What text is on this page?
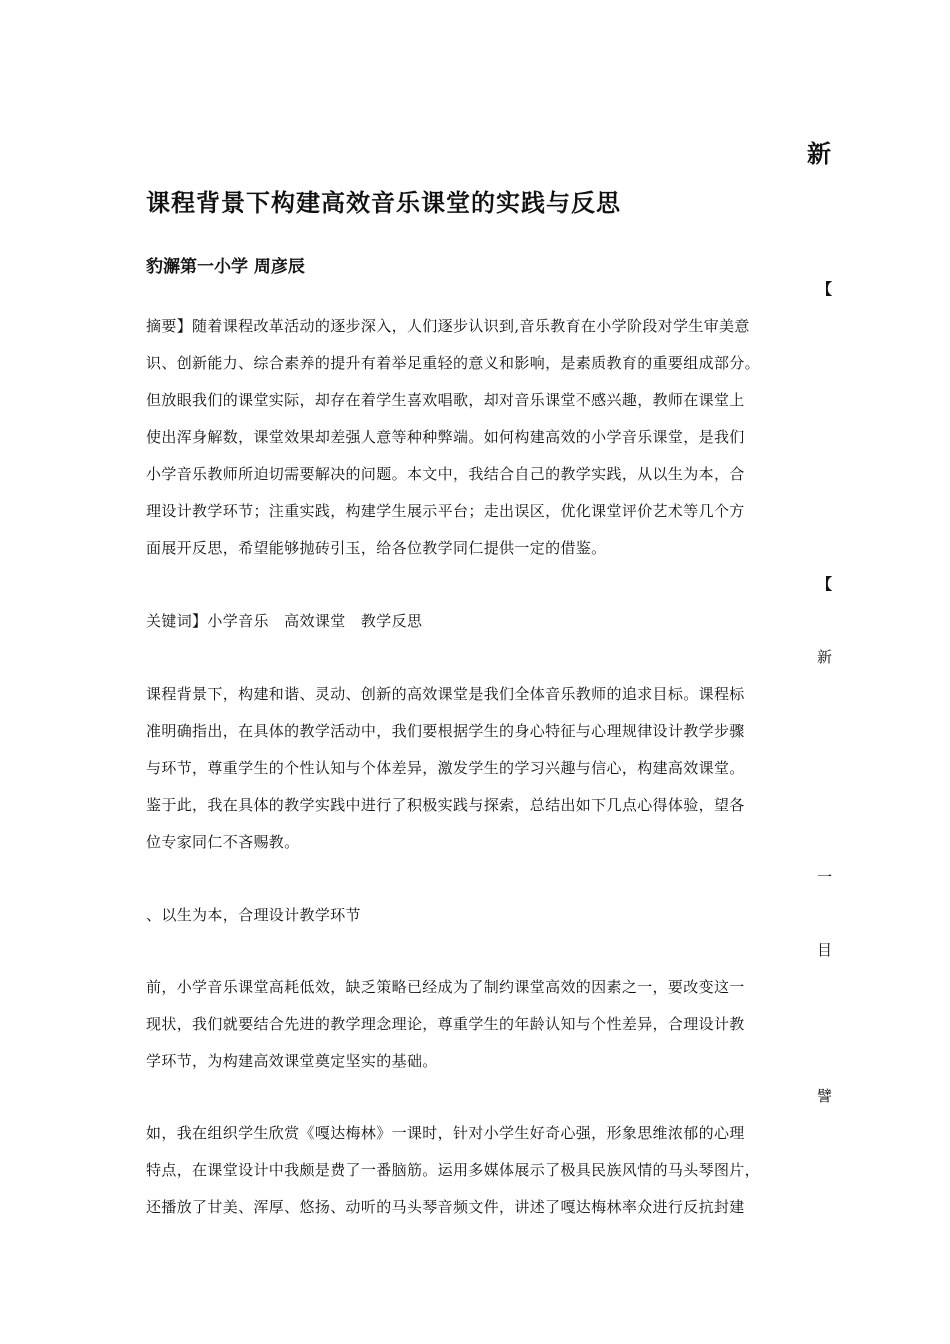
新
课程背景下构建高效音乐课堂的实践与反思
豹澥第一小学 周彦辰
【
摘要】随着课程改革活动的逐步深入，人们逐步认识到,音乐教育在小学阶段对学生审美意
识、创新能力、综合素养的提升有着举足重轻的意义和影响，是素质教育的重要组成部分。
但放眼我们的课堂实际，却存在着学生喜欢唱歌，却对音乐课堂不感兴趣，教师在课堂上
使出浑身解数，课堂效果却差强人意等种种弊端。如何构建高效的小学音乐课堂，是我们
小学音乐教师所迫切需要解决的问题。本文中，我结合自己的教学实践，从以生为本，合
理设计教学环节；注重实践，构建学生展示平台；走出误区，优化课堂评价艺术等几个方
面展开反思，希望能够抛砖引玉，给各位教学同仁提供一定的借鉴。
【
关键词】小学音乐　高效课堂　教学反思
新
课程背景下，构建和谐、灵动、创新的高效课堂是我们全体音乐教师的追求目标。课程标
准明确指出，在具体的教学活动中，我们要根据学生的身心特征与心理规律设计教学步骤
与环节，尊重学生的个性认知与个体差异，激发学生的学习兴趣与信心，构建高效课堂。
鉴于此，我在具体的教学实践中进行了积极实践与探索，总结出如下几点心得体验，望各
位专家同仁不吝赐教。
一
、以生为本，合理设计教学环节
目
前，小学音乐课堂高耗低效，缺乏策略已经成为了制约课堂高效的因素之一，要改变这一
现状，我们就要结合先进的教学理念理论，尊重学生的年龄认知与个性差异，合理设计教
学环节，为构建高效课堂奠定坚实的基础。
譬
如，我在组织学生欣赏《嘎达梅林》一课时，针对小学生好奇心强，形象思维浓郁的心理
特点，在课堂设计中我颇是费了一番脑筋。运用多媒体展示了极具民族风情的马头琴图片，
还播放了甘美、浑厚、悠扬、动听的马头琴音频文件，讲述了嘎达梅林率众进行反抗封建
